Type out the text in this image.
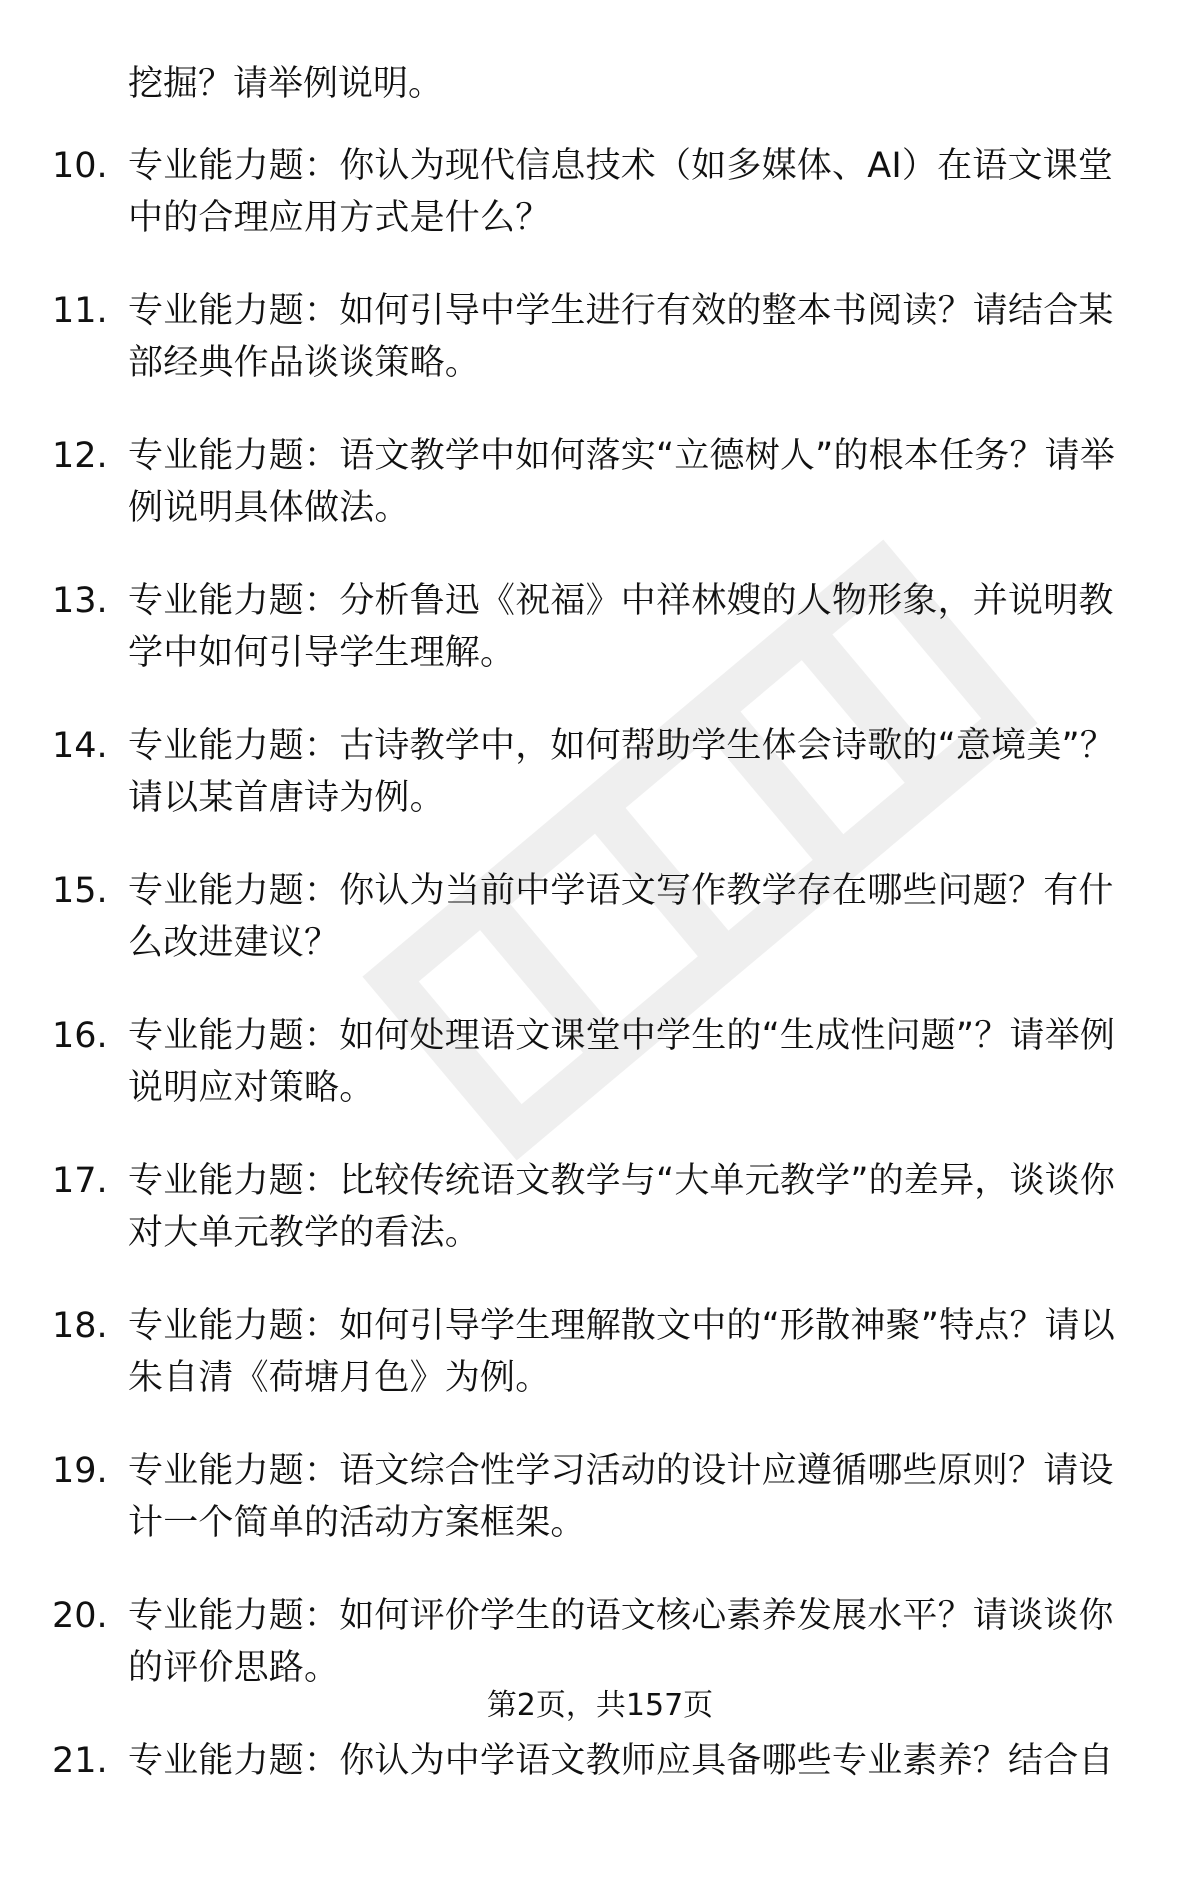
挖掘？请举例说明。
10. 专业能力题：你认为现代信息技术（如多媒体、AI）在语文课堂中的合理应用方式是什么？
11. 专业能力题：如何引导中学生进行有效的整本书阅读？请结合某部经典作品谈谈策略。
12. 专业能力题：语文教学中如何落实“立德树人”的根本任务？请举例说明具体做法。
13. 专业能力题：分析鲁迅《祝福》中祥林嫂的人物形象，并说明教学中如何引导学生理解。
14. 专业能力题：古诗教学中，如何帮助学生体会诗歌的“意境美”？请以某首唐诗为例。
15. 专业能力题：你认为当前中学语文写作教学存在哪些问题？有什么改进建议？
16. 专业能力题：如何处理语文课堂中学生的“生成性问题”？请举例说明应对策略。
17. 专业能力题：比较传统语文教学与“大单元教学”的差异，谈谈你对大单元教学的看法。
18. 专业能力题：如何引导学生理解散文中的“形散神聚”特点？请以朱自清《荷塘月色》为例。
19. 专业能力题：语文综合性学习活动的设计应遵循哪些原则？请设计一个简单的活动方案框架。
20. 专业能力题：如何评价学生的语文核心素养发展水平？请谈谈你的评价思路。
21. 专业能力题：你认为中学语文教师应具备哪些专业素养？结合自
第2页，共157页
